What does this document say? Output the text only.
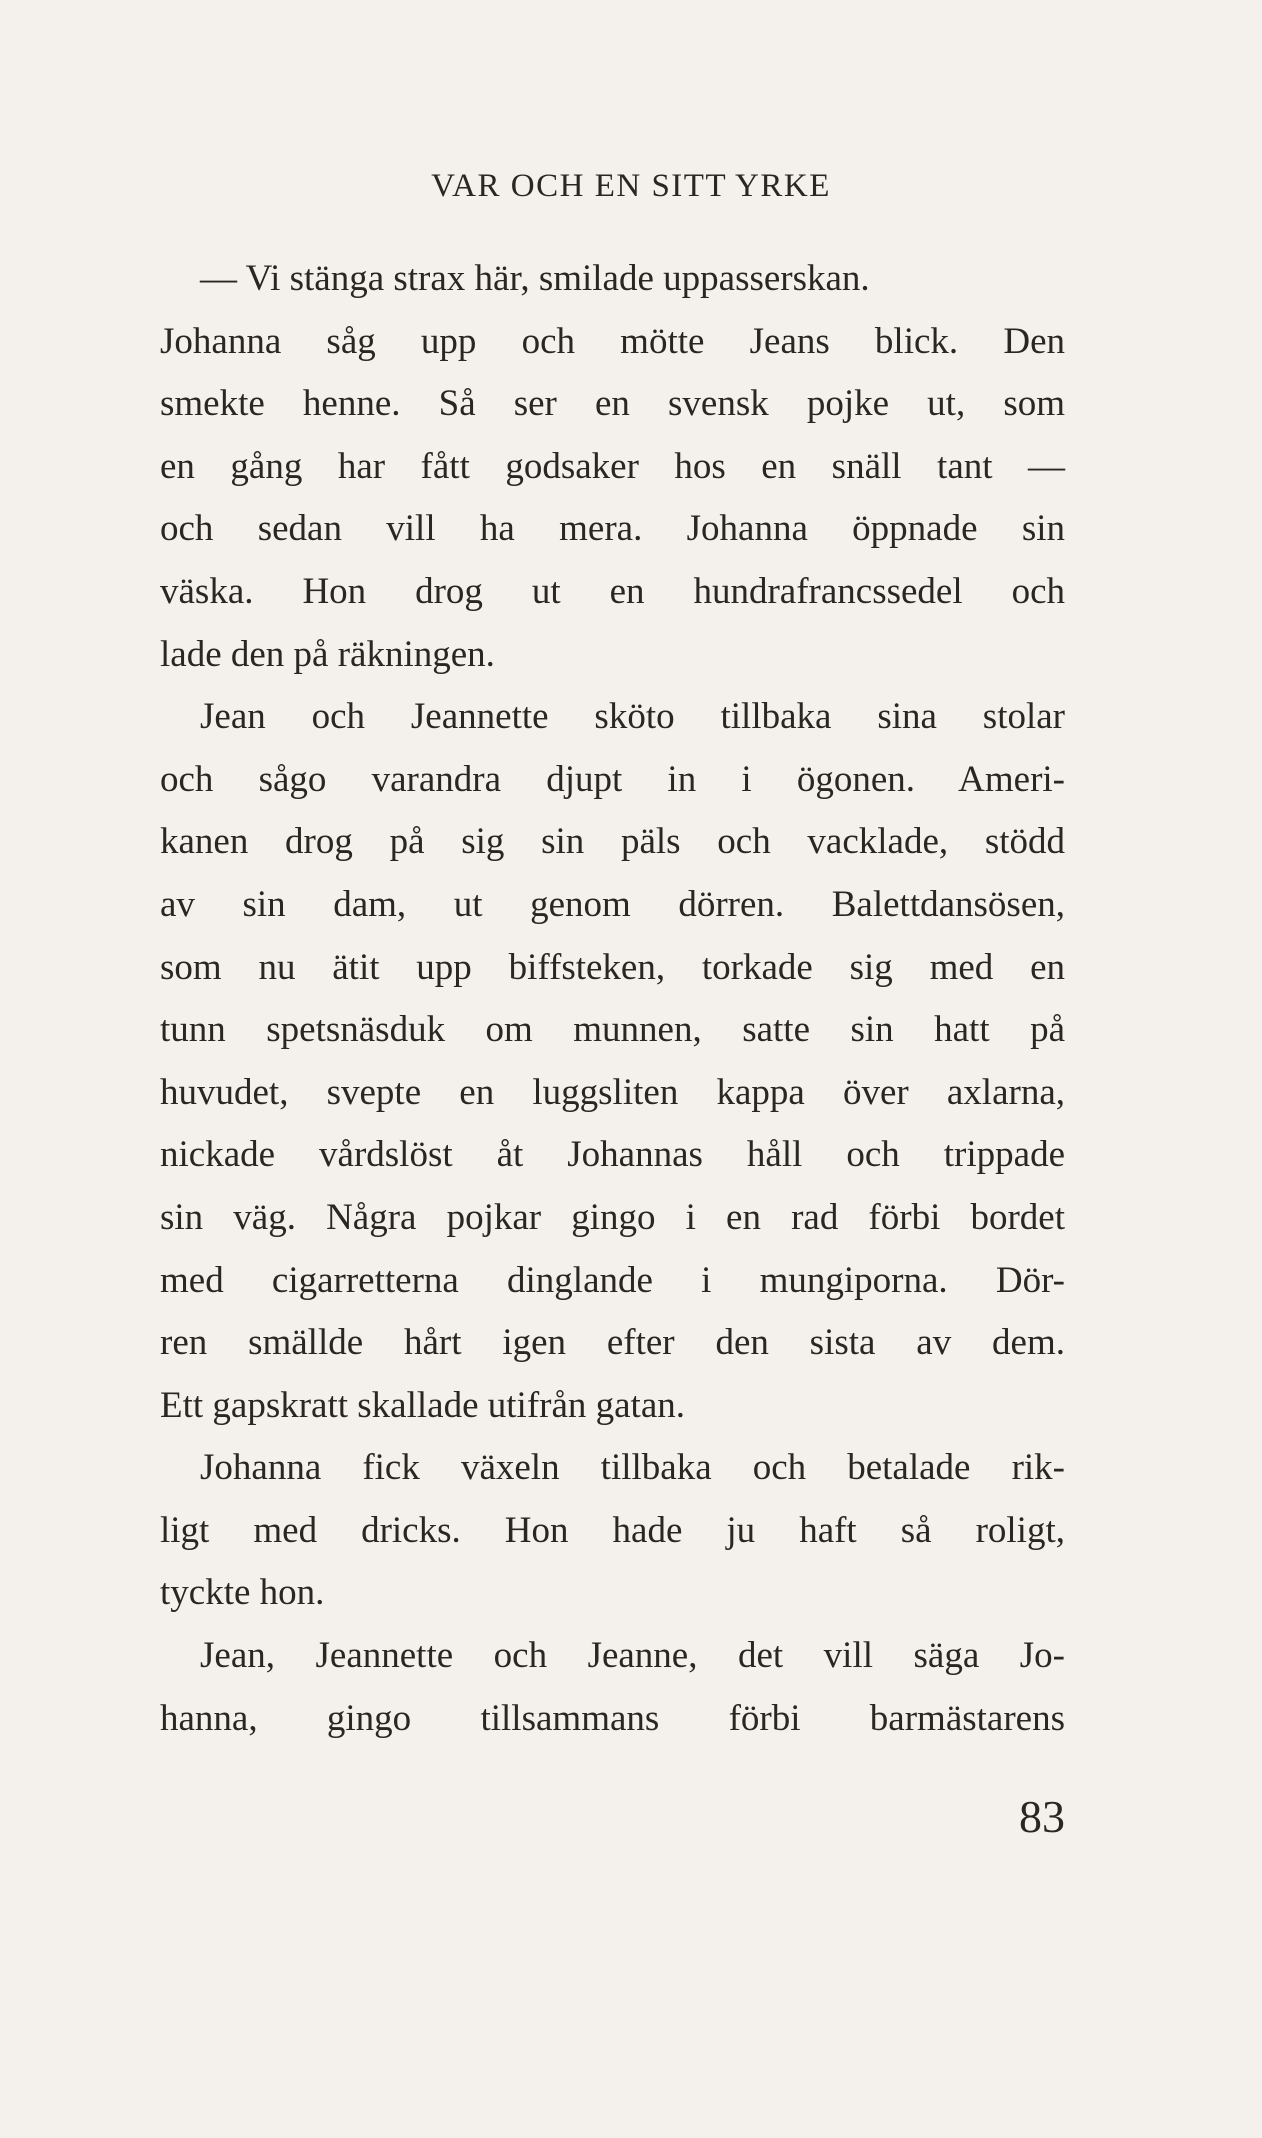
VAR OCH EN SITT YRKE
— Vi stänga strax här, smilade uppasserskan.
Johanna såg upp och mötte Jeans blick. Den
smekte henne. Så ser en svensk pojke ut, som
en gång har fått godsaker hos en snäll tant —
och sedan vill ha mera. Johanna öppnade sin
väska. Hon drog ut en hundrafrancssedel och
lade den på räkningen.
Jean och Jeannette sköto tillbaka sina stolar
och sågo varandra djupt in i ögonen. Ameri-
kanen drog på sig sin päls och vacklade, stödd
av sin dam, ut genom dörren. Balettdansösen,
som nu ätit upp biffsteken, torkade sig med en
tunn spetsnäsduk om munnen, satte sin hatt på
huvudet, svepte en luggsliten kappa över axlarna,
nickade vårdslöst åt Johannas håll och trippade
sin väg. Några pojkar gingo i en rad förbi bordet
med cigarretterna dinglande i mungiporna. Dör-
ren smällde hårt igen efter den sista av dem.
Ett gapskratt skallade utifrån gatan.
Johanna fick växeln tillbaka och betalade rik-
ligt med dricks. Hon hade ju haft så roligt,
tyckte hon.
Jean, Jeannette och Jeanne, det vill säga Jo-
hanna, gingo tillsammans förbi barmästarens
83
